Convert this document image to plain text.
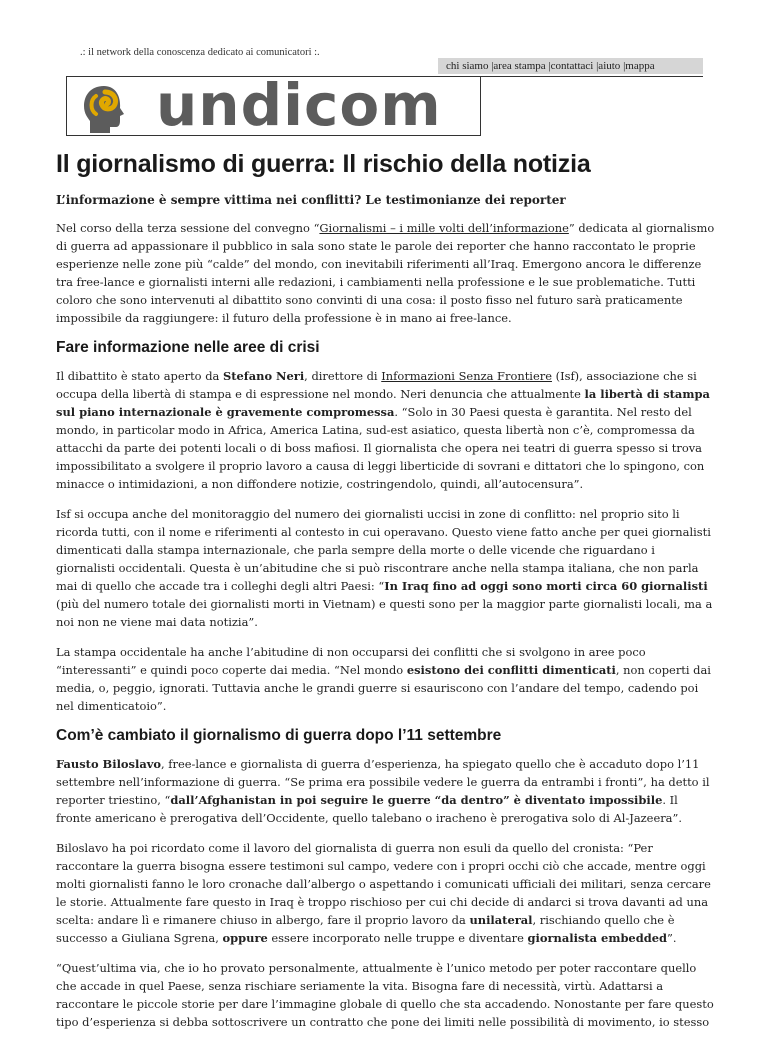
.: il network della conoscenza dedicato ai comunicatori :.
chi siamo |area stampa |contattaci |aiuto |mappa
undicom
Il giornalismo di guerra: Il rischio della notizia
L’informazione è sempre vittima nei conflitti? Le testimonianze dei reporter

Nel corso della terza sessione del convegno “Giornalismi – i mille volti dell’informazione” dedicata al giornalismo di guerra ad appassionare il pubblico in sala sono state le parole dei reporter che hanno raccontato le proprie esperienze nelle zone più “calde” del mondo, con inevitabili riferimenti all’Iraq. Emergono ancora le differenze tra free-lance e giornalisti interni alle redazioni, i cambiamenti nella professione e le sue problematiche. Tutti coloro che sono intervenuti al dibattito sono convinti di una cosa: il posto fisso nel futuro sarà praticamente impossibile da raggiungere: il futuro della professione è in mano ai free-lance.

Fare informazione nelle aree di crisi

Il dibattito è stato aperto da Stefano Neri, direttore di Informazioni Senza Frontiere (Isf), associazione che si occupa della libertà di stampa e di espressione nel mondo. Neri denuncia che attualmente la libertà di stampa sul piano internazionale è gravemente compromessa. “Solo in 30 Paesi questa è garantita. Nel resto del mondo, in particolar modo in Africa, America Latina, sud-est asiatico, questa libertà non c’è, compromessa da attacchi da parte dei potenti locali o di boss mafiosi. Il giornalista che opera nei teatri di guerra spesso si trova impossibilitato a svolgere il proprio lavoro a causa di leggi liberticide di sovrani e dittatori che lo spingono, con minacce o intimidazioni, a non diffondere notizie, costringendolo, quindi, all’autocensura”.

Isf si occupa anche del monitoraggio del numero dei giornalisti uccisi in zone di conflitto: nel proprio sito li ricorda tutti, con il nome e riferimenti al contesto in cui operavano. Questo viene fatto anche per quei giornalisti dimenticati dalla stampa internazionale, che parla sempre della morte o delle vicende che riguardano i giornalisti occidentali. Questa è un’abitudine che si può riscontrare anche nella stampa italiana, che non parla mai di quello che accade tra i colleghi degli altri Paesi: “In Iraq fino ad oggi sono morti circa 60 giornalisti (più del numero totale dei giornalisti morti in Vietnam) e questi sono per la maggior parte giornalisti locali, ma a noi non ne viene mai data notizia”.

La stampa occidentale ha anche l’abitudine di non occuparsi dei conflitti che si svolgono in aree poco “interessanti” e quindi poco coperte dai media. “Nel mondo esistono dei conflitti dimenticati, non coperti dai media, o, peggio, ignorati. Tuttavia anche le grandi guerre si esauriscono con l’andare del tempo, cadendo poi nel dimenticatoio”.

Com’è cambiato il giornalismo di guerra dopo l’11 settembre

Fausto Biloslavo, free-lance e giornalista di guerra d’esperienza, ha spiegato quello che è accaduto dopo l’11 settembre nell’informazione di guerra. “Se prima era possibile vedere le guerra da entrambi i fronti”, ha detto il reporter triestino, “dall’Afghanistan in poi seguire le guerre “da dentro” è diventato impossibile. Il fronte americano è prerogativa dell’Occidente, quello talebano o iracheno è prerogativa solo di Al-Jazeera”.

Biloslavo ha poi ricordato come il lavoro del giornalista di guerra non esuli da quello del cronista: “Per raccontare la guerra bisogna essere testimoni sul campo, vedere con i propri occhi ciò che accade, mentre oggi molti giornalisti fanno le loro cronache dall’albergo o aspettando i comunicati ufficiali dei militari, senza cercare le storie. Attualmente fare questo in Iraq è troppo rischioso per cui chi decide di andarci si trova davanti ad una scelta: andare lì e rimanere chiuso in albergo, fare il proprio lavoro da unilateral, rischiando quello che è successo a Giuliana Sgrena, oppure essere incorporato nelle truppe e diventare giornalista embedded”.

“Quest’ultima via, che io ho provato personalmente, attualmente è l’unico metodo per poter raccontare quello che accade in quel Paese, senza rischiare seriamente la vita. Bisogna fare di necessità, virtù. Adattarsi a raccontare le piccole storie per dare l’immagine globale di quello che sta accadendo. Nonostante per fare questo tipo d’esperienza si debba sottoscrivere un contratto che pone dei limiti nelle possibilità di movimento, io stesso
